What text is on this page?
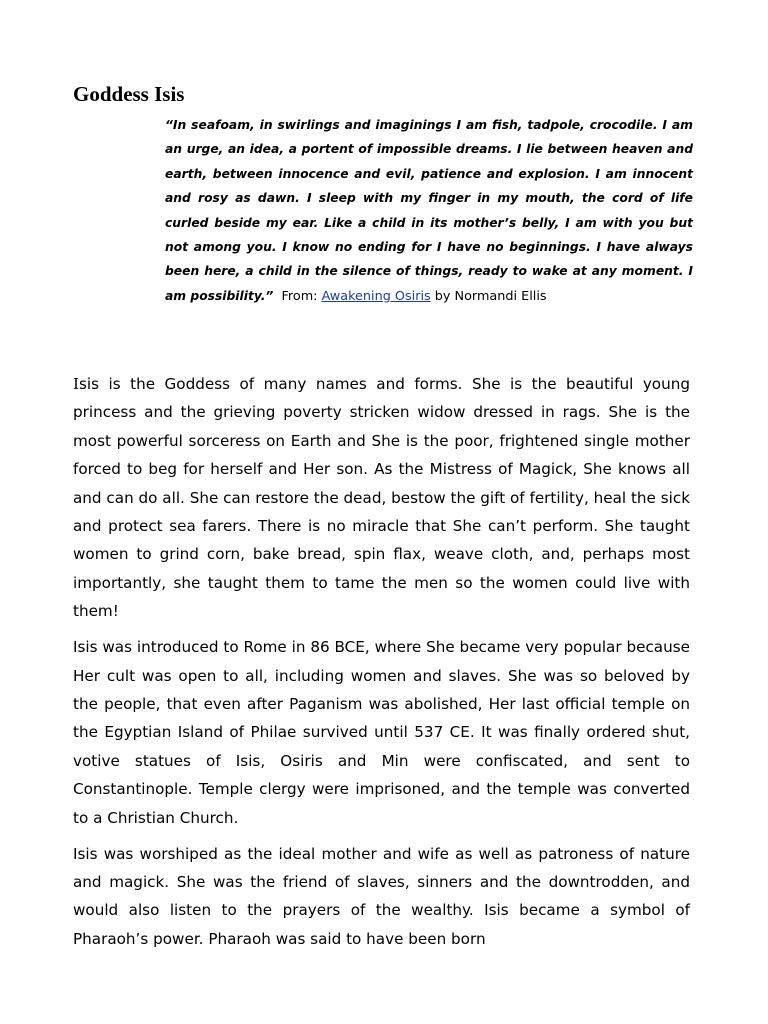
Goddess Isis
“In seafoam, in swirlings and imaginings I am fish, tadpole, crocodile. I am an urge, an idea, a portent of impossible dreams. I lie between heaven and earth, between innocence and evil, patience and explosion. I am innocent and rosy as dawn. I sleep with my finger in my mouth, the cord of life curled beside my ear. Like a child in its mother’s belly, I am with you but not among you. I know no ending for I have no beginnings. I have always been here, a child in the silence of things, ready to wake at any moment. I am possibility.” From: Awakening Osiris by Normandi Ellis

Isis is the Goddess of many names and forms. She is the beautiful young princess and the grieving poverty stricken widow dressed in rags. She is the most powerful sorceress on Earth and She is the poor, frightened single mother forced to beg for herself and Her son. As the Mistress of Magick, She knows all and can do all. She can restore the dead, bestow the gift of fertility, heal the sick and protect sea farers. There is no miracle that She can’t perform. She taught women to grind corn, bake bread, spin flax, weave cloth, and, perhaps most importantly, she taught them to tame the men so the women could live with them!

Isis was introduced to Rome in 86 BCE, where She became very popular because Her cult was open to all, including women and slaves. She was so beloved by the people, that even after Paganism was abolished, Her last official temple on the Egyptian Island of Philae survived until 537 CE. It was finally ordered shut, votive statues of Isis, Osiris and Min were confiscated, and sent to Constantinople. Temple clergy were imprisoned, and the temple was converted to a Christian Church.

Isis was worshiped as the ideal mother and wife as well as patroness of nature and magick. She was the friend of slaves, sinners and the downtrodden, and would also listen to the prayers of the wealthy. Isis became a symbol of Pharaoh’s power. Pharaoh was said to have been born
